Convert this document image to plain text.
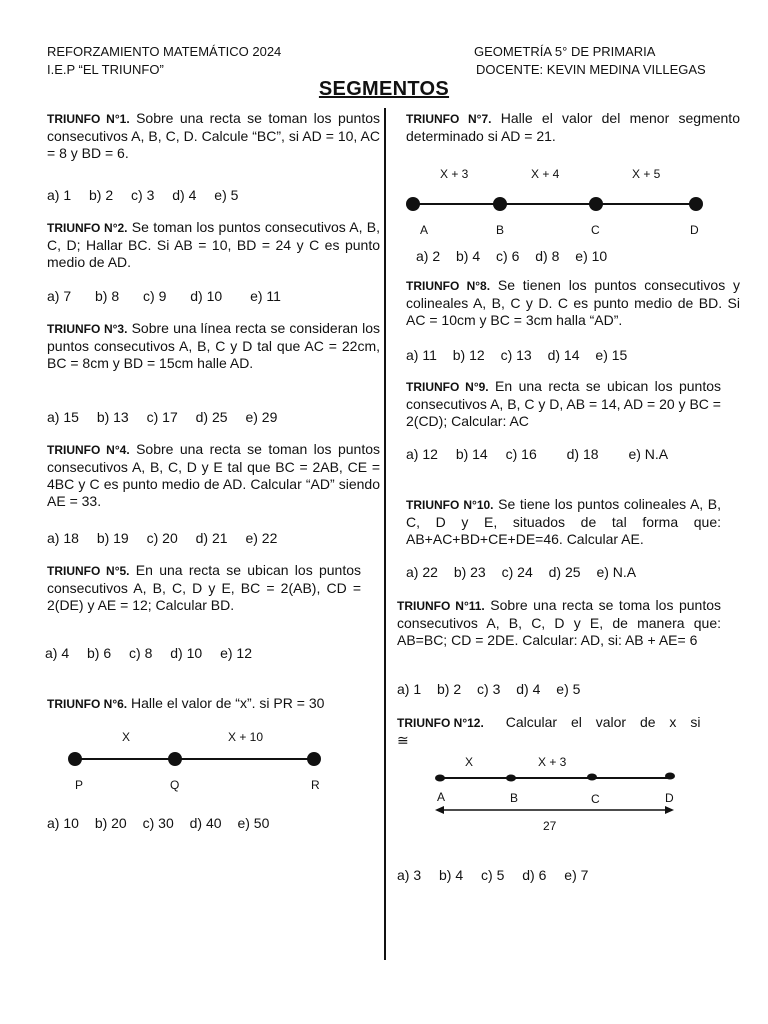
REFORZAMIENTO MATEMÁTICO 2024
I.E.P “EL TRIUNFO”
GEOMETRÍA 5° DE PRIMARIA
DOCENTE: KEVIN MEDINA VILLEGAS
SEGMENTOS
TRIUNFO N°1. Sobre una recta se toman los puntos consecutivos A, B, C, D. Calcule “BC”, si AD = 10, AC = 8 y BD = 6.
a) 1 b) 2 c) 3 d) 4 e) 5
TRIUNFO N°2. Se toman los puntos consecutivos A, B, C, D; Hallar BC. Si AB = 10, BD = 24 y C es punto medio de AD.
a) 7 b) 8 c) 9 d) 10 e) 11
TRIUNFO N°3. Sobre una línea recta se consideran los puntos consecutivos A, B, C y D tal que AC = 22cm, BC = 8cm y BD = 15cm halle AD.
a) 15 b) 13 c) 17 d) 25 e) 29
TRIUNFO N°4. Sobre una recta se toman los puntos consecutivos A, B, C, D y E tal que BC = 2AB, CE = 4BC y C es punto medio de AD. Calcular “AD” siendo AE = 33.
a) 18 b) 19 c) 20 d) 21 e) 22
TRIUNFO N°5. En una recta se ubican los puntos consecutivos A, B, C, D y E, BC = 2(AB), CD = 2(DE) y AE = 12; Calcular BD.
a) 4 b) 6 c) 8 d) 10 e) 12
TRIUNFO N°6. Halle el valor de “x”. si PR = 30
X	X + 10
P	Q	R
a) 10 b) 20 c) 30 d) 40 e) 50
TRIUNFO N°7. Halle el valor del menor segmento determinado si AD = 21.
X + 3	X + 4	X + 5
A	B	C	D
a) 2 b) 4 c) 6 d) 8 e) 10
TRIUNFO N°8. Se tienen los puntos consecutivos y colineales A, B, C y D. C es punto medio de BD. Si AC = 10cm y BC = 3cm halla “AD”.
a) 11 b) 12 c) 13 d) 14 e) 15
TRIUNFO N°9. En una recta se ubican los puntos consecutivos A, B, C y D, AB = 14, AD = 20 y BC = 2(CD); Calcular: AC
a) 12 b) 14 c) 16 d) 18 e) N.A
TRIUNFO N°10. Se tiene los puntos colineales A, B, C, D y E, situados de tal forma que: AB+AC+BD+CE+DE=46. Calcular AE.
a) 22 b) 23 c) 24 d) 25 e) N.A
TRIUNFO N°11. Sobre una recta se toma los puntos consecutivos A, B, C, D y E, de manera que: AB=BC; CD = 2DE. Calcular: AD, si: AB + AE= 6
a) 1 b) 2 c) 3 d) 4 e) 5
TRIUNFO N°12. Calcular el valor de x si ≅
X	X + 3
A	B	C	D
27
a) 3 b) 4 c) 5 d) 6 e) 7
